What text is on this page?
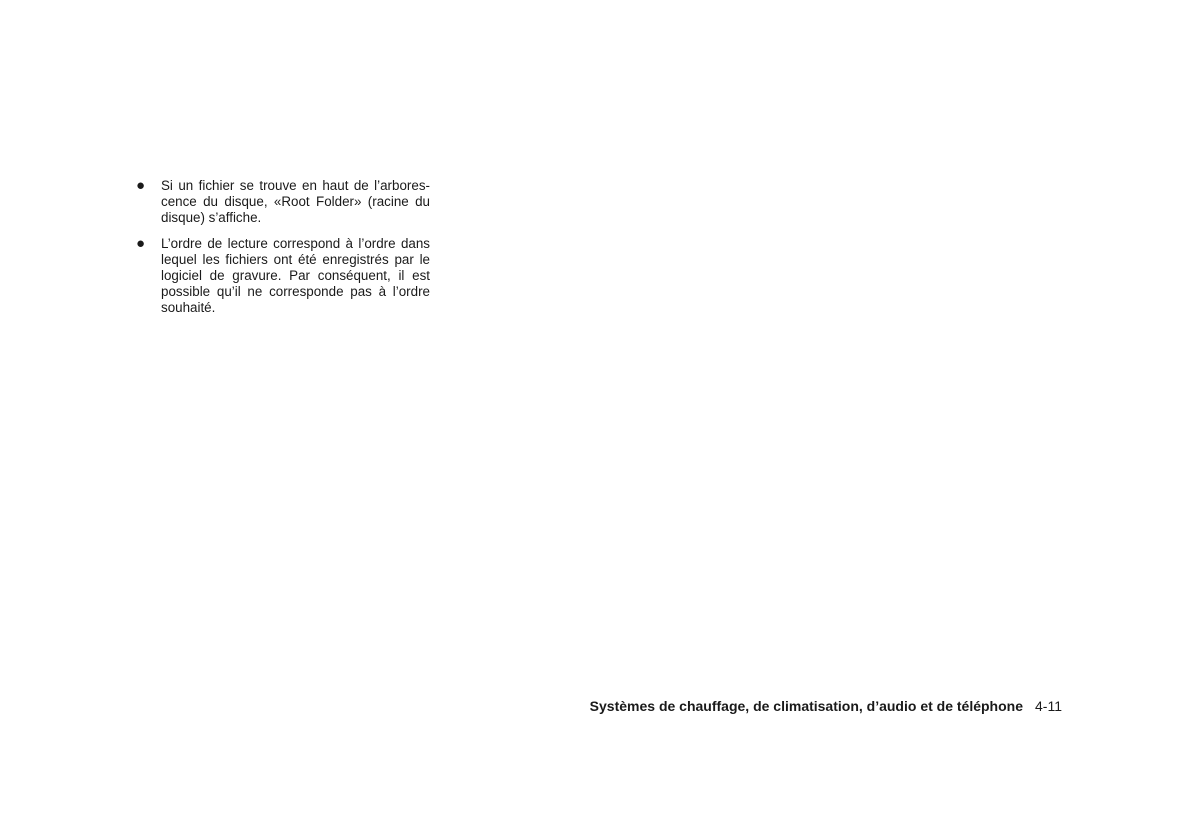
● Si un fichier se trouve en haut de l’arborescence du disque, «Root Folder» (racine du disque) s’affiche.
● L’ordre de lecture correspond à l’ordre dans lequel les fichiers ont été enregistrés par le logiciel de gravure. Par conséquent, il est possible qu’il ne corresponde pas à l’ordre souhaité.
Systèmes de chauffage, de climatisation, d’audio et de téléphone 4-11
